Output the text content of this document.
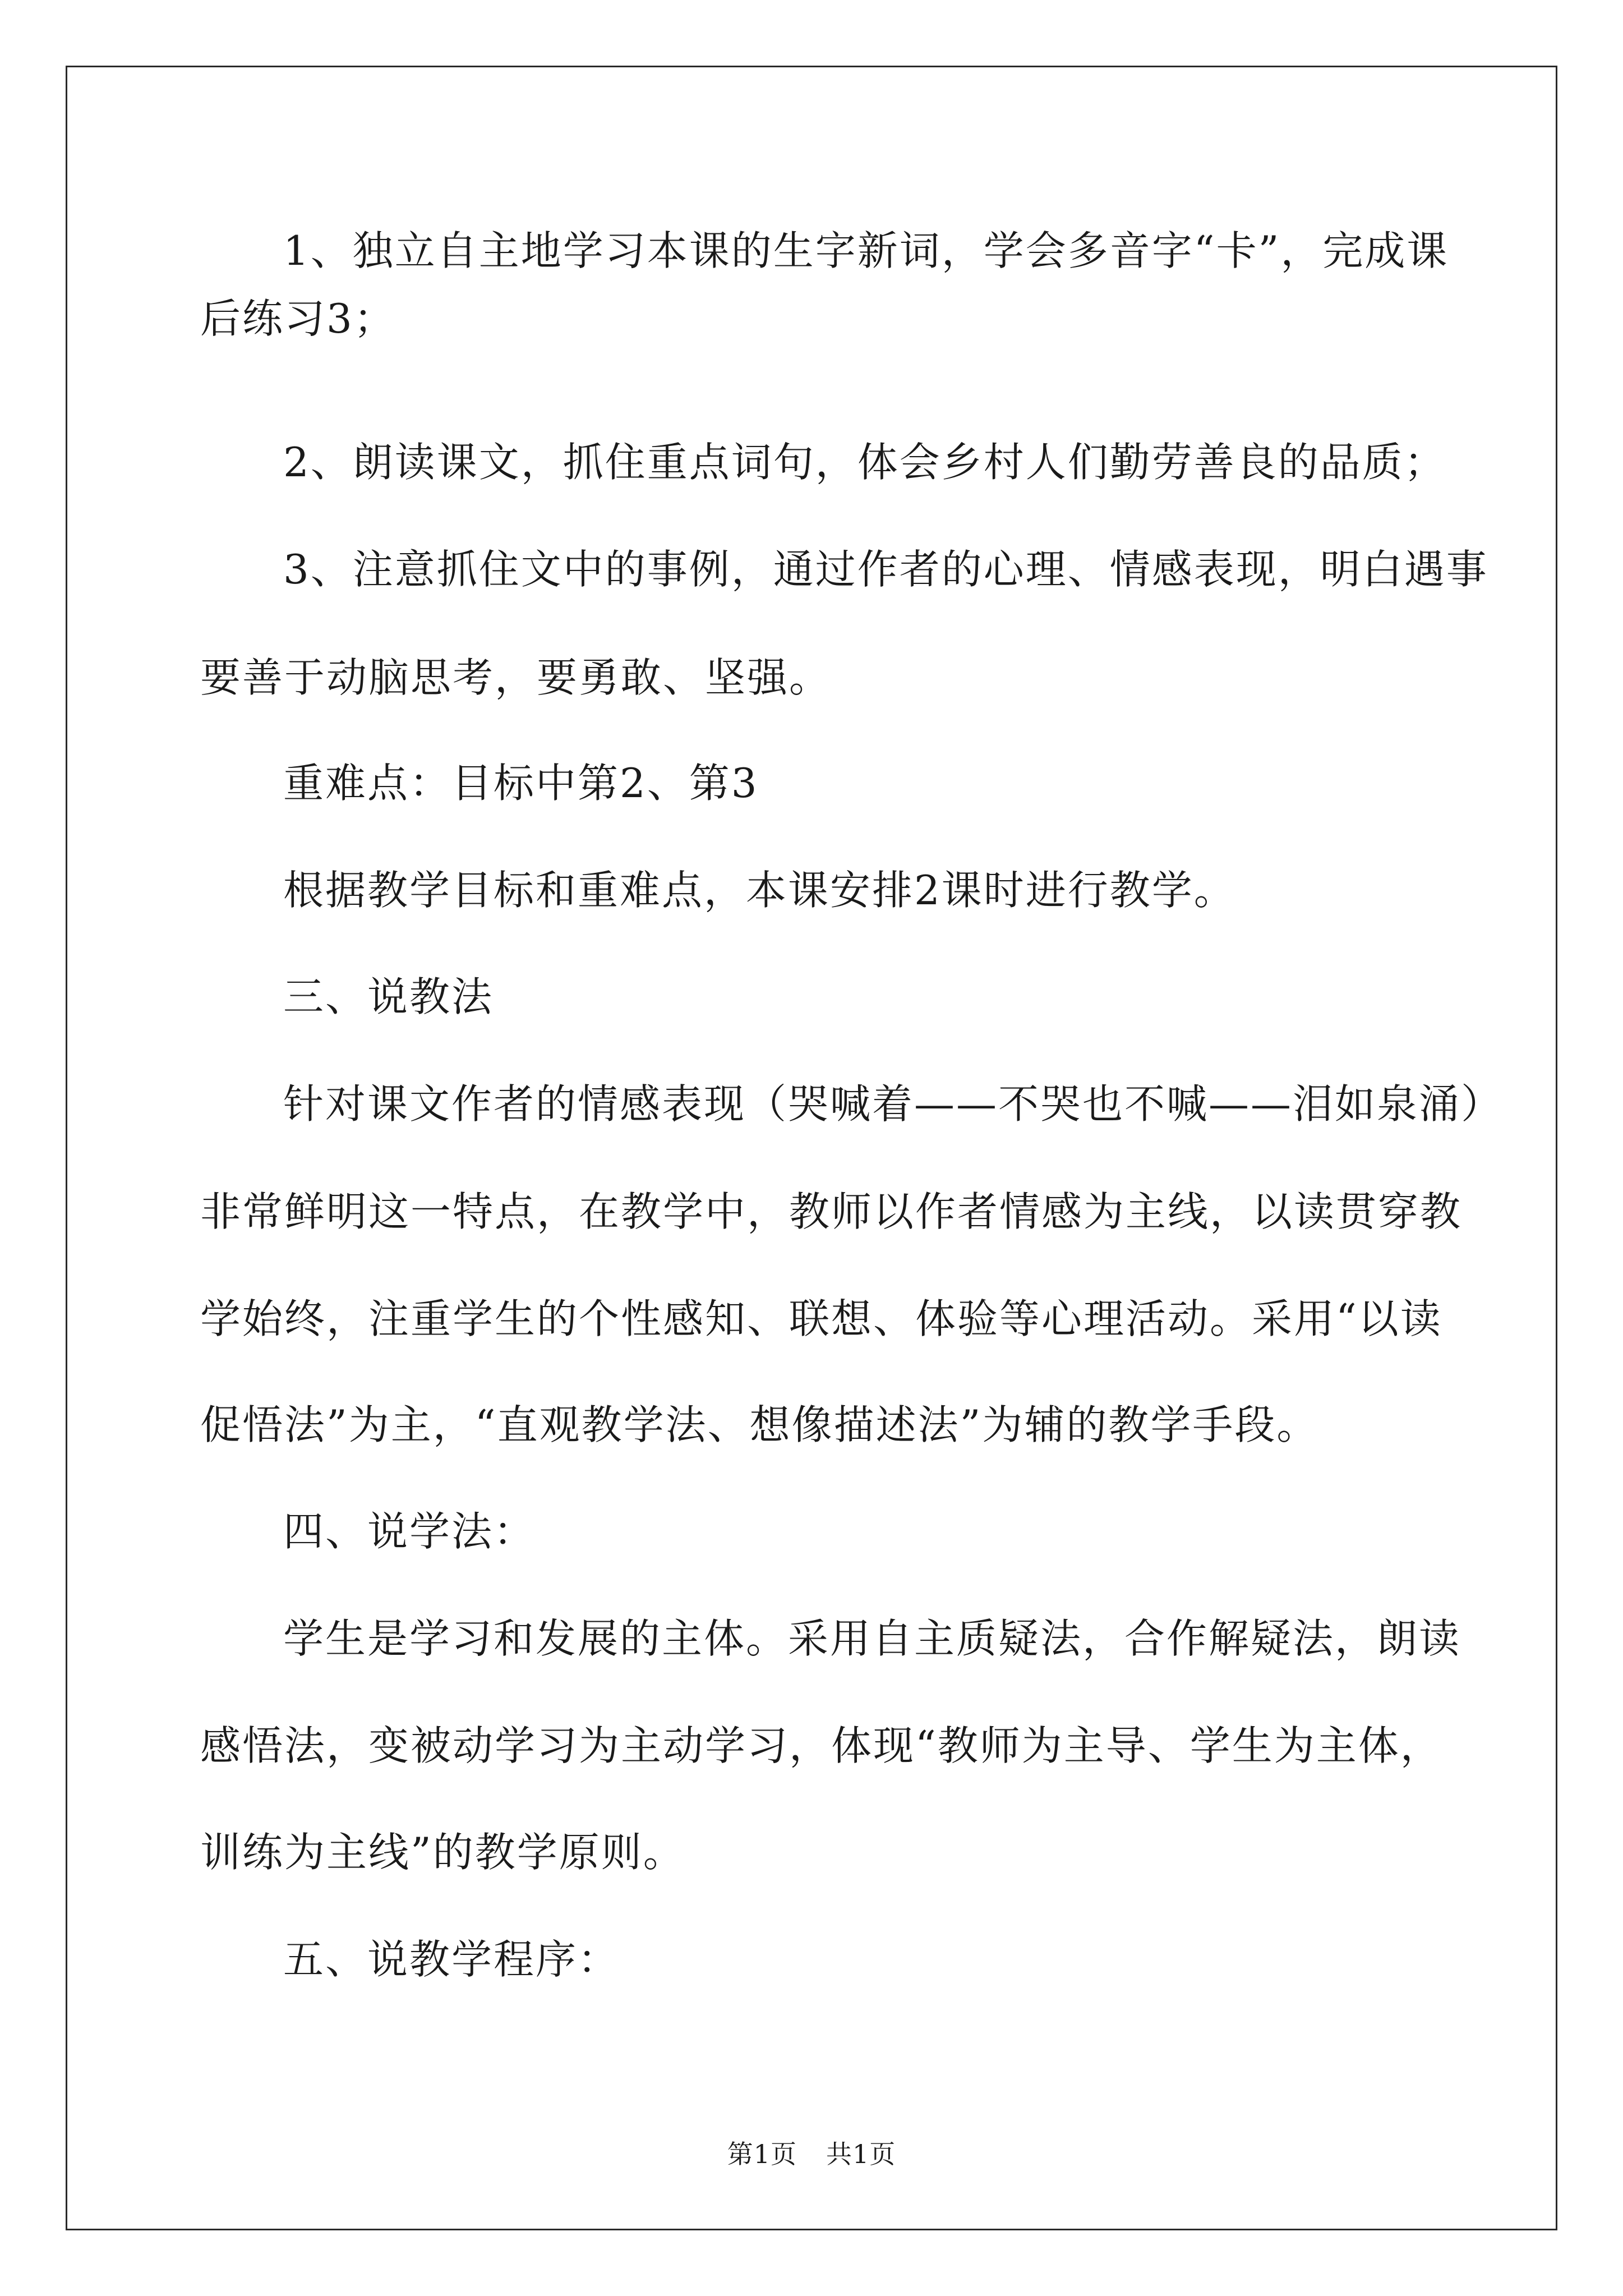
1、独立自主地学习本课的生字新词，学会多音字“卡”，完成课
后练习3；
2、朗读课文，抓住重点词句，体会乡村人们勤劳善良的品质；
3、注意抓住文中的事例，通过作者的心理、情感表现，明白遇事
要善于动脑思考，要勇敢、坚强。
重难点：目标中第2、第3
根据教学目标和重难点，本课安排2课时进行教学。
三、说教法
针对课文作者的情感表现（哭喊着——不哭也不喊——泪如泉涌）
非常鲜明这一特点，在教学中，教师以作者情感为主线，以读贯穿教
学始终，注重学生的个性感知、联想、体验等心理活动。采用“以读
促悟法”为主，“直观教学法、想像描述法”为辅的教学手段。
四、说学法：
学生是学习和发展的主体。采用自主质疑法，合作解疑法，朗读
感悟法，变被动学习为主动学习，体现“教师为主导、学生为主体，
训练为主线”的教学原则。
五、说教学程序：
第1页 共1页
